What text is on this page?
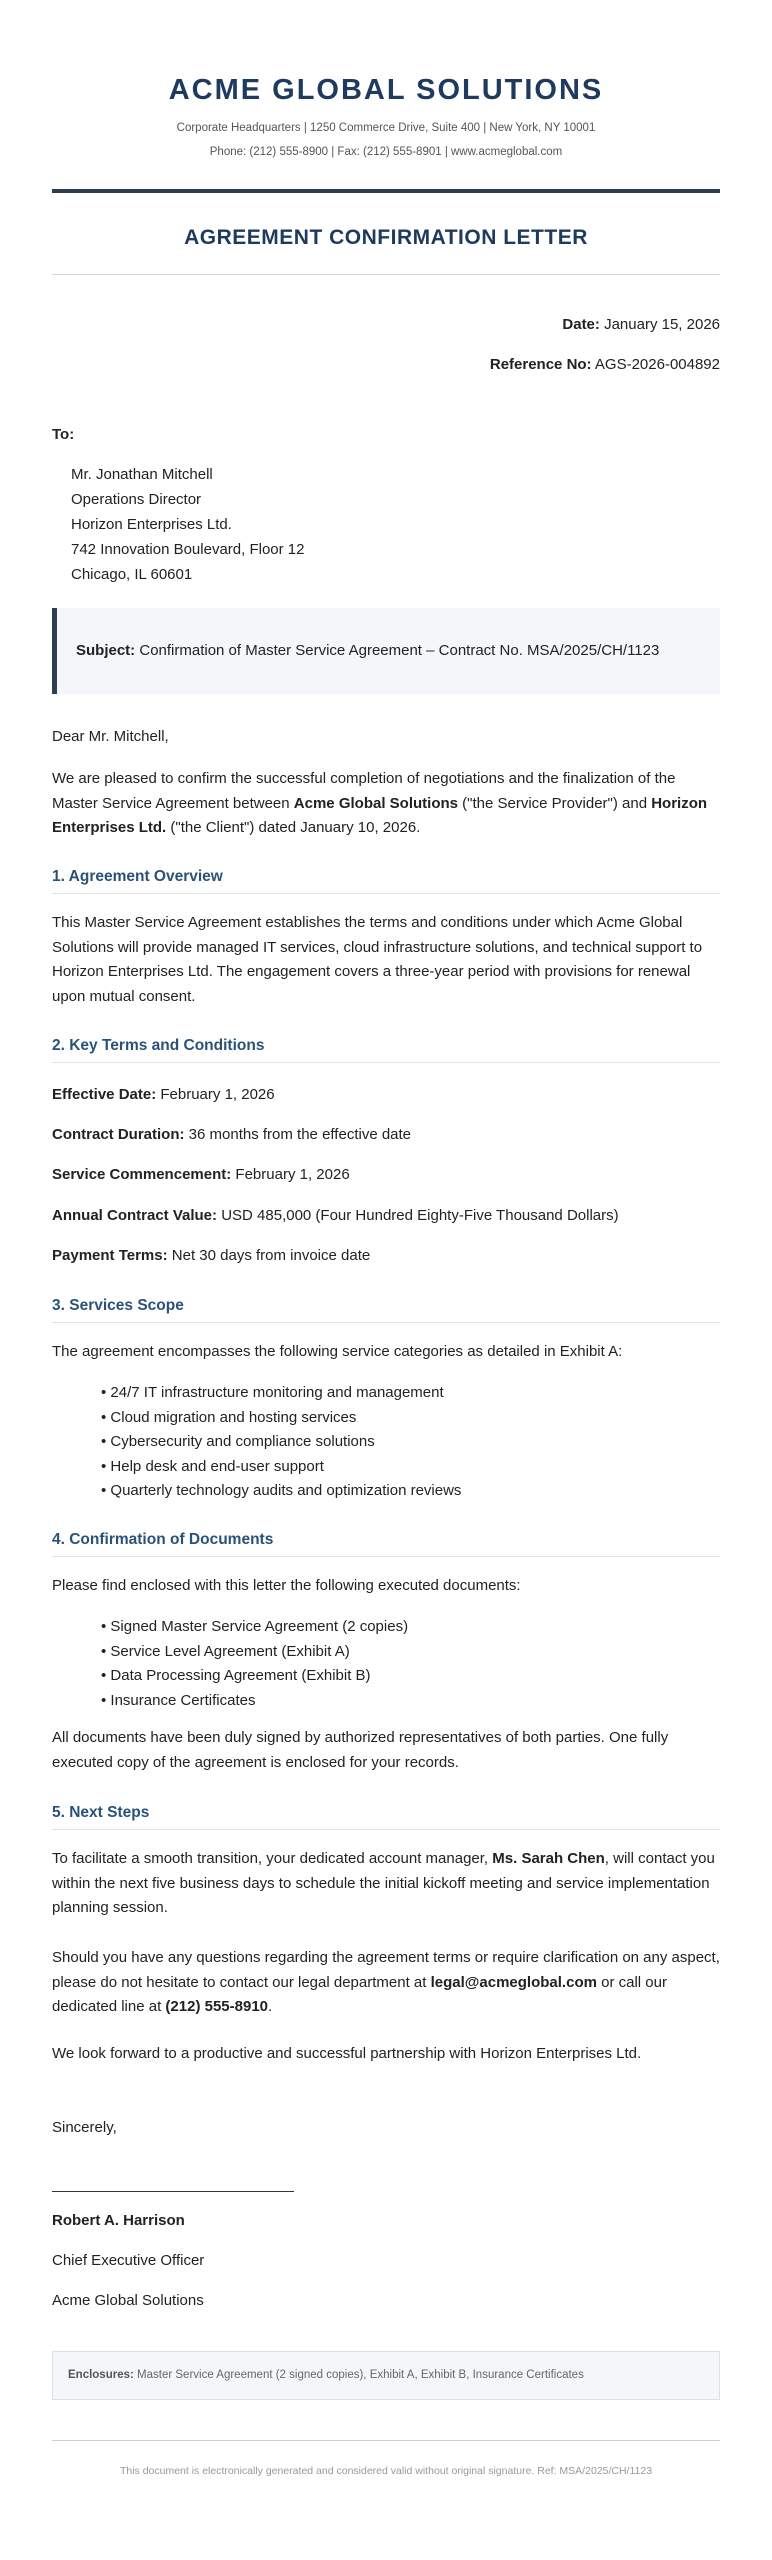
ACME GLOBAL SOLUTIONS
Corporate Headquarters | 1250 Commerce Drive, Suite 400 | New York, NY 10001
Phone: (212) 555-8900 | Fax: (212) 555-8901 | www.acmeglobal.com
AGREEMENT CONFIRMATION LETTER
Date: January 15, 2026
Reference No: AGS-2026-004892
To:
Mr. Jonathan Mitchell
Operations Director
Horizon Enterprises Ltd.
742 Innovation Boulevard, Floor 12
Chicago, IL 60601
Subject: Confirmation of Master Service Agreement – Contract No. MSA/2025/CH/1123
Dear Mr. Mitchell,
We are pleased to confirm the successful completion of negotiations and the finalization of the Master Service Agreement between Acme Global Solutions ("the Service Provider") and Horizon Enterprises Ltd. ("the Client") dated January 10, 2026.
1. Agreement Overview
This Master Service Agreement establishes the terms and conditions under which Acme Global Solutions will provide managed IT services, cloud infrastructure solutions, and technical support to Horizon Enterprises Ltd. The engagement covers a three-year period with provisions for renewal upon mutual consent.
2. Key Terms and Conditions
Effective Date: February 1, 2026
Contract Duration: 36 months from the effective date
Service Commencement: February 1, 2026
Annual Contract Value: USD 485,000 (Four Hundred Eighty-Five Thousand Dollars)
Payment Terms: Net 30 days from invoice date
3. Services Scope
The agreement encompasses the following service categories as detailed in Exhibit A:
• 24/7 IT infrastructure monitoring and management
• Cloud migration and hosting services
• Cybersecurity and compliance solutions
• Help desk and end-user support
• Quarterly technology audits and optimization reviews
4. Confirmation of Documents
Please find enclosed with this letter the following executed documents:
• Signed Master Service Agreement (2 copies)
• Service Level Agreement (Exhibit A)
• Data Processing Agreement (Exhibit B)
• Insurance Certificates
All documents have been duly signed by authorized representatives of both parties. One fully executed copy of the agreement is enclosed for your records.
5. Next Steps
To facilitate a smooth transition, your dedicated account manager, Ms. Sarah Chen, will contact you within the next five business days to schedule the initial kickoff meeting and service implementation planning session.
Should you have any questions regarding the agreement terms or require clarification on any aspect, please do not hesitate to contact our legal department at legal@acmeglobal.com or call our dedicated line at (212) 555-8910.
We look forward to a productive and successful partnership with Horizon Enterprises Ltd.
Sincerely,
Robert A. Harrison
Chief Executive Officer
Acme Global Solutions
Enclosures: Master Service Agreement (2 signed copies), Exhibit A, Exhibit B, Insurance Certificates
This document is electronically generated and considered valid without original signature. Ref: MSA/2025/CH/1123
